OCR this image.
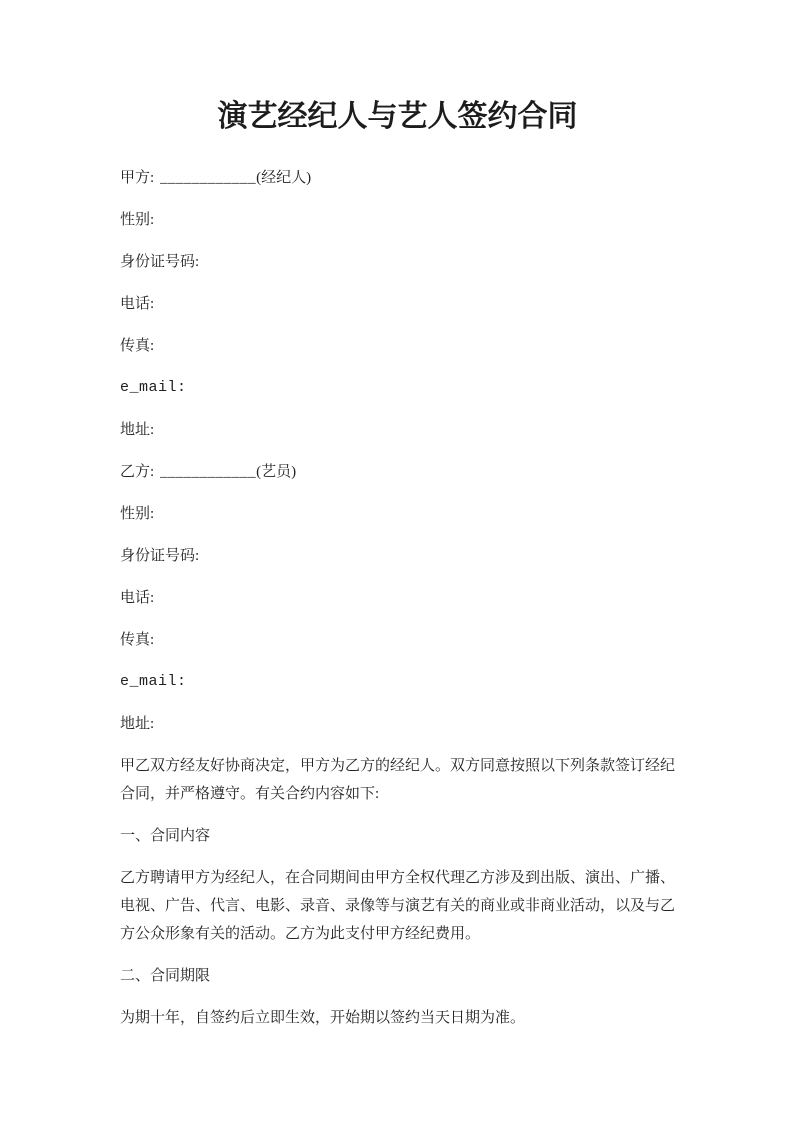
演艺经纪人与艺人签约合同

甲方: ____________(经纪人)

性别:

身份证号码:

电话:

传真:

e_mail:

地址:

乙方: ____________(艺员)

性别:

身份证号码:

电话:

传真:

e_mail:

地址:

甲乙双方经友好协商决定，甲方为乙方的经纪人。双方同意按照以下列条款签订经纪合同，并严格遵守。有关合约内容如下:

一、合同内容

乙方聘请甲方为经纪人，在合同期间由甲方全权代理乙方涉及到出版、演出、广播、电视、广告、代言、电影、录音、录像等与演艺有关的商业或非商业活动，以及与乙方公众形象有关的活动。乙方为此支付甲方经纪费用。

二、合同期限

为期十年，自签约后立即生效，开始期以签约当天日期为准。
